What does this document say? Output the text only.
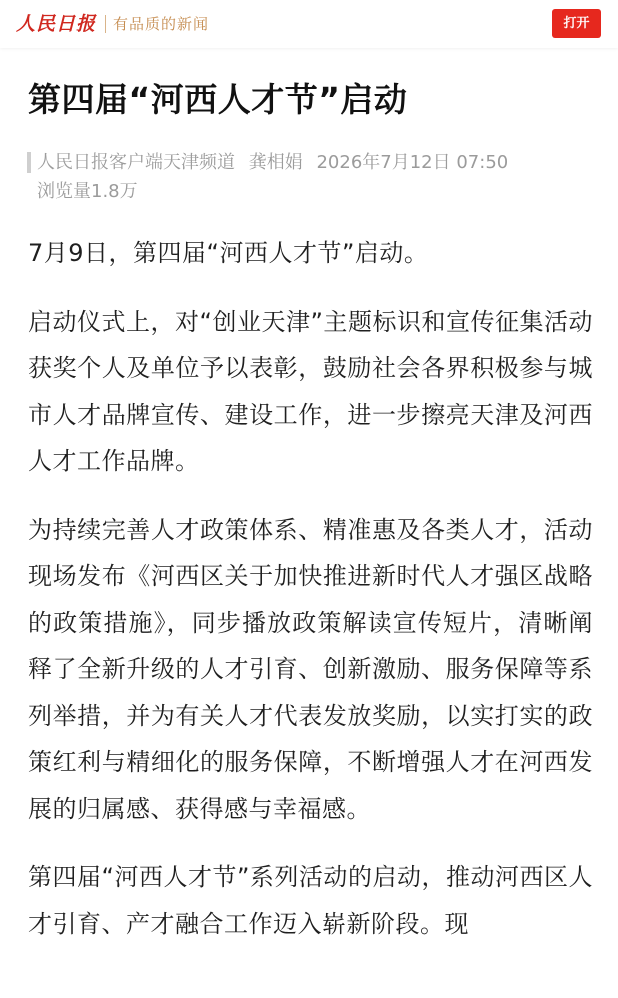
人民日报 有品质的新闻	打开
第四届“河西人才节”启动
人民日报客户端天津频道 龚相娟 2026年7月12日 07:50
浏览量1.8万

7月9日，第四届“河西人才节”启动。

启动仪式上，对“创业天津”主题标识和宣传征集活动获奖个人及单位予以表彰，鼓励社会各界积极参与城市人才品牌宣传、建设工作，进一步擦亮天津及河西人才工作品牌。

为持续完善人才政策体系、精准惠及各类人才，活动现场发布《河西区关于加快推进新时代人才强区战略的政策措施》，同步播放政策解读宣传短片，清晰阐释了全新升级的人才引育、创新激励、服务保障等系列举措，并为有关人才代表发放奖励，以实打实的政策红利与精细化的服务保障，不断增强人才在河西发展的归属感、获得感与幸福感。

第四届“河西人才节”系列活动的启动，推动河西区人才引育、产才融合工作迈入崭新阶段。现
